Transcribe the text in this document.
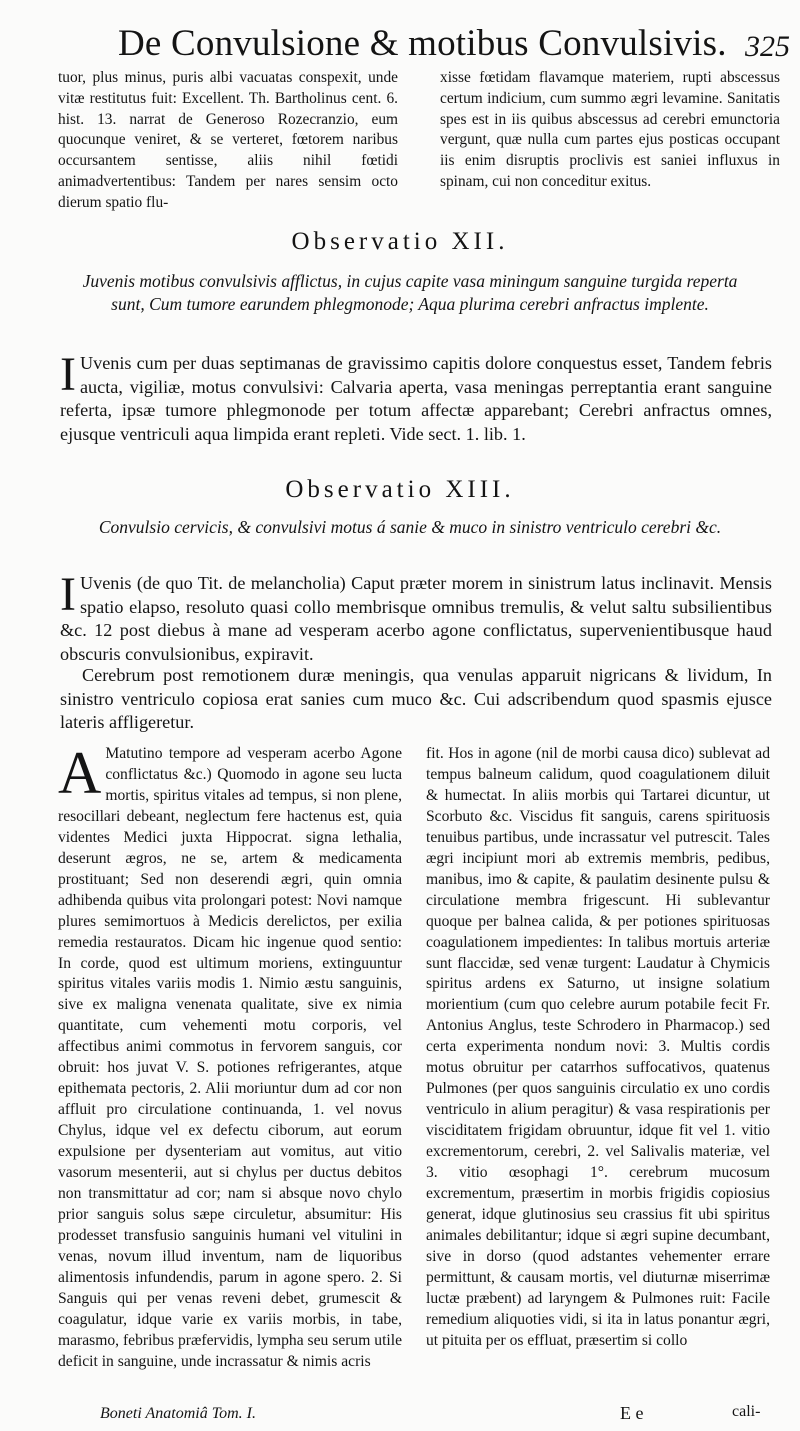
De Convulsione & motibus Convulsivis. 325
tuor, plus minus, puris albi vacuatas conspexit, unde vitæ restitutus fuit: Excellent. Th. Bartholinus cent. 6. hist. 13. narrat de Generoso Rozecranzio, eum quocunque veniret, & se verteret, fœtorem naribus occursantem sentisse, aliis nihil fœtidi animadvertentibus: Tandem per nares sensim octo dierum spatio flu-
xisse fœtidam flavamque materiem, rupti abscessus certum indicium, cum summo ægri levamine. Sanitatis spes est in iis quibus abscessus ad cerebri emunctoria vergunt, quæ nulla cum partes ejus posticas occupant iis enim disruptis proclivis est saniei influxus in spinam, cui non conceditur exitus.
Observatio XII.
Juvenis motibus convulsivis afflictus, in cujus capite vasa miningum sanguine turgida reperta sunt, Cum tumore earundem phlegmonode; Aqua plurima cerebri anfractus implente.
I Uvenis cum per duas septimanas de gravissimo capitis dolore conquestus esset, Tandem febris aucta, vigiliæ, motus convulsivi: Calvaria aperta, vasa meningas perreptantia erant sanguine referta, ipsæ tumore phlegmonode per totum affectæ apparebant; Cerebri anfractus omnes, ejusque ventriculi aqua limpida erant repleti. Vide sect. 1. lib. 1.
Observatio XIII.
Convulsio cervicis, & convulsivi motus á sanie & muco in sinistro ventriculo cerebri &c.
I Uvenis (de quo Tit. de melancholia) Caput præter morem in sinistrum latus inclinavit. Mensis spatio elapso, resoluto quasi collo membrisque omnibus tremulis, & velut saltu subsilientibus &c. 12 post diebus à mane ad vesperam acerbo agone conflictatus, supervenientibusque haud obscuris convulsionibus, expiravit.
Cerebrum post remotionem duræ meningis, qua venulas apparuit nigricans & lividum, In sinistro ventriculo copiosa erat sanies cum muco &c. Cui adscribendum quod spasmis ejusce lateris affligeretur.
A Matutino tempore ad vesperam acerbo Agone conflictatus &c.) Quomodo in agone seu lucta mortis, spiritus vitales ad tempus, si non plene, resocillari debeant, neglectum fere hactenus est, quia videntes Medici juxta Hippocrat. signa lethalia, deserunt ægros, ne se, artem & medicamenta prostituant; Sed non deserendi ægri, quin omnia adhibenda quibus vita prolongari potest: Novi namque plures semimortuos à Medicis derelictos, per exilia remedia restauratos. Dicam hic ingenue quod sentio: In corde, quod est ultimum moriens, extinguuntur spiritus vitales variis modis 1. Nimio æstu sanguinis, sive ex maligna venenata qualitate, sive ex nimia quantitate, cum vehementi motu corporis, vel affectibus animi commotus in fervorem sanguis, cor obruit: hos juvat V. S. potiones refrigerantes, atque epithemata pectoris, 2. Alii moriuntur dum ad cor non affluit pro circulatione continuanda, 1. vel novus Chylus, idque vel ex defectu ciborum, aut eorum expulsione per dysenteriam aut vomitus, aut vitio vasorum mesenterii, aut si chylus per ductus debitos non transmittatur ad cor; nam si absque novo chylo prior sanguis solus sæpe circuletur, absumitur: His prodesset transfusio sanguinis humani vel vitulini in venas, novum illud inventum, nam de liquoribus alimentosis infundendis, parum in agone spero. 2. Si Sanguis qui per venas reveni debet, grumescit & coagulatur, idque varie ex variis morbis, in tabe, marasmo, febribus præfervidis, lympha seu serum utile deficit in sanguine, unde incrassatur & nimis acris
fit. Hos in agone (nil de morbi causa dico) sublevat ad tempus balneum calidum, quod coagulationem diluit & humectat. In aliis morbis qui Tartarei dicuntur, ut Scorbuto &c. Viscidus fit sanguis, carens spirituosis tenuibus partibus, unde incrassatur vel putrescit. Tales ægri incipiunt mori ab extremis membris, pedibus, manibus, imo & capite, & paulatim desinente pulsu & circulatione membra frigescunt. Hi sublevantur quoque per balnea calida, & per potiones spirituosas coagulationem impedientes: In talibus mortuis arteriæ sunt flaccidæ, sed venæ turgent: Laudatur à Chymicis spiritus ardens ex Saturno, ut insigne solatium morientium (cum quo celebre aurum potabile fecit Fr. Antonius Anglus, teste Schrodero in Pharmacop.) sed certa experimenta nondum novi: 3. Multis cordis motus obruitur per catarrhos suffocativos, quatenus Pulmones (per quos sanguinis circulatio ex uno cordis ventriculo in alium peragitur) & vasa respirationis per visciditatem frigidam obruuntur, idque fit vel 1. vitio excrementorum, cerebri, 2. vel Salivalis materiæ, vel 3. vitio œsophagi 1°. cerebrum mucosum excrementum, præsertim in morbis frigidis copiosius generat, idque glutinosius seu crassius fit ubi spiritus animales debilitantur; idque si ægri supine decumbant, sive in dorso (quod adstantes vehementer errare permittunt, & causam mortis, vel diuturnæ miserrimæ luctæ præbent) ad laryngem & Pulmones ruit: Facile remedium aliquoties vidi, si ita in latus ponantur ægri, ut pituita per os effluat, præsertim si collo
Boneti Anatomiâ Tom. I.	E e	cali-
